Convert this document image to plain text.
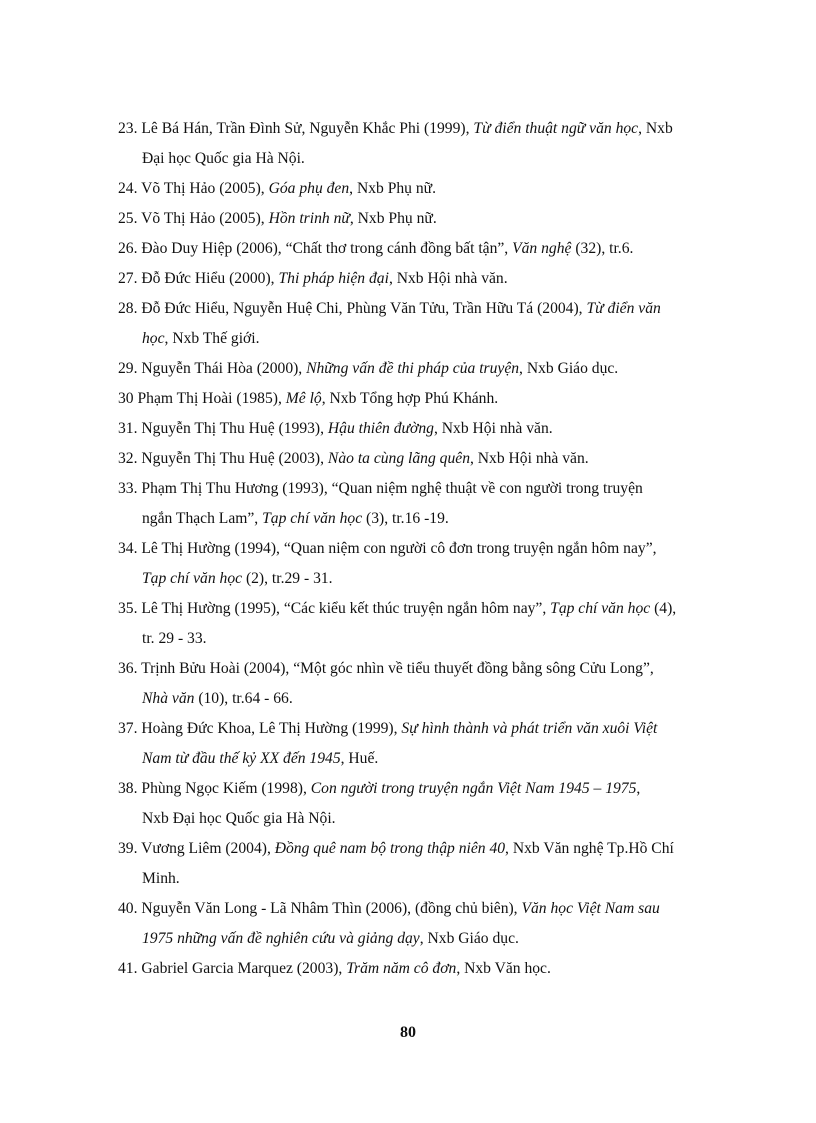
23. Lê Bá Hán, Trần Đình Sử, Nguyễn Khắc Phi (1999), Từ điển thuật ngữ văn học, Nxb
Đại học Quốc gia Hà Nội.

24. Võ Thị Hảo (2005), Góa phụ đen, Nxb Phụ nữ.

25. Võ Thị Hảo (2005), Hồn trinh nữ, Nxb Phụ nữ.

26. Đào Duy Hiệp (2006), “Chất thơ trong cánh đồng bất tận”, Văn nghệ (32), tr.6.

27. Đỗ Đức Hiểu (2000), Thi pháp hiện đại, Nxb Hội nhà văn.

28. Đỗ Đức Hiểu, Nguyễn Huệ Chi, Phùng Văn Tửu, Trần Hữu Tá (2004), Từ điển văn
học, Nxb Thế giới.

29. Nguyễn Thái Hòa (2000), Những vấn đề thi pháp của truyện, Nxb Giáo dục.

30 Phạm Thị Hoài (1985), Mê lộ, Nxb Tổng hợp Phú Khánh.

31. Nguyễn Thị Thu Huệ (1993), Hậu thiên đường, Nxb Hội nhà văn.

32. Nguyễn Thị Thu Huệ (2003), Nào ta cùng lãng quên, Nxb Hội nhà văn.

33. Phạm Thị Thu Hương (1993), “Quan niệm nghệ thuật về con người trong truyện
ngắn Thạch Lam”, Tạp chí văn học (3), tr.16 -19.

34. Lê Thị Hường (1994), “Quan niệm con người cô đơn trong truyện ngắn hôm nay”,
Tạp chí văn học (2), tr.29 - 31.

35. Lê Thị Hường (1995), “Các kiểu kết thúc truyện ngắn hôm nay”, Tạp chí văn học (4),
tr. 29 - 33.

36. Trịnh Bửu Hoài (2004), “Một góc nhìn về tiểu thuyết đồng bằng sông Cửu Long”,
Nhà văn (10), tr.64 - 66.

37. Hoàng Đức Khoa, Lê Thị Hường (1999), Sự hình thành và phát triển văn xuôi Việt
Nam từ đầu thế kỷ XX đến 1945, Huế.

38. Phùng Ngọc Kiếm (1998), Con người trong truyện ngắn Việt Nam 1945 – 1975,
Nxb Đại học Quốc gia Hà Nội.

39. Vương Liêm (2004), Đồng quê nam bộ trong thập niên 40, Nxb Văn nghệ Tp.Hồ Chí
Minh.

40. Nguyễn Văn Long - Lã Nhâm Thìn (2006), (đồng chủ biên), Văn học Việt Nam sau
1975 những vấn đề nghiên cứu và giảng dạy, Nxb Giáo dục.

41. Gabriel Garcia Marquez (2003), Trăm năm cô đơn, Nxb Văn học.

80
